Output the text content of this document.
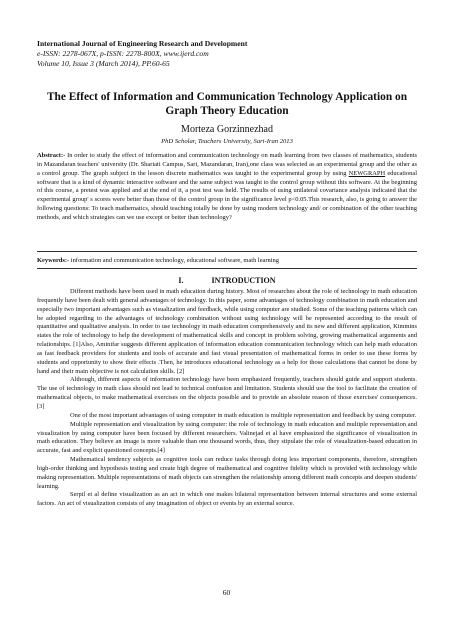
International Journal of Engineering Research and Development
e-ISSN: 2278-067X, p-ISSN: 2278-800X, www.ijerd.com
Volume 10, Issue 3 (March 2014), PP.60-65
The Effect of Information and Communication Technology Application on Graph Theory Education
Morteza Gorzinnezhad
PhD Scholar, Teachers University, Sari-Iran 2013
Abstract:- In order to study the effect of information and communication technology on math learning from two classes of mathematics, students in Mazandaran teachers' university (Dr. Shariati Campus, Sari, Mazandaran, Iran),one class was selected as an experimental group and the other as a control group. The graph subject in the lesson discrete mathematics was taught to the experimental group by using NEWGRAPH educational software that is a kind of dynamic interactive software and the same subject was taught to the control group without this software. At the beginning of this course, a pretest was applied and at the end of it, a post test was held. The results of using unilateral covariance analysis indicated that the experimental group' s scores were better than those of the control group in the significance level p<0.05.This research, also, is going to answer the following questions: To teach mathematics, should teaching totally be done by using modern technology and/ or combination of the other teaching methods, and which strategies can we use except or better than technology?
Keywords:- information and communication technology, educational software, math learning
I.	INTRODUCTION

Different methods have been used in math education during history. Most of researches about the role of technology in math education frequently have been dealt with general advantages of technology. In this paper, some advantages of technology combination in math education and especially two important advantages such as visualization and feedback, while using computer are studied. Some of the teaching patterns which can be adopted regarding to the advantages of technology combination without using technology will be represented according to the result of quantitative and qualitative analysis. In order to use technology in math education comprehensively and its new and different application, Kimmins states the role of technology to help the development of mathematical skills and concept in problem solving, growing mathematical arguments and relationships. [1]Also, Aminifar suggests different application of information education communication technology which can help math education as fast feedback providers for students and tools of accurate and fast visual presentation of mathematical forms in order to use these forms by students and opportunity to show their effects .Then, he introduces educational technology as a help for those calculations that cannot be done by hand and their main objective is not calculation skills. [2]

Although, different aspects of information technology have been emphasized frequently, teachers should guide and support students. The use of technology in math class should not lead to technical confusion and limitation. Students should use the tool to facilitate the creation of mathematical objects, to make mathematical exercises on the objects possible and to provide an absolute reason of those exercises' consequences.[3]

One of the most important advantages of using computer in math education is multiple representation and feedback by using computer.

Multiple representation and visualization by using computer: the role of technology in math education and multiple representation and visualization by using computer have been focused by different researchers. Valinejad et al have emphasized the significance of visualization in math education. They believe an image is more valuable than one thousand words, thus, they stipulate the role of visualization-based education in accurate, fast and explicit questioned concepts.[4]

Mathematical tendency subjects as cognitive tools can reduce tasks through doing less important components, therefore, strengthen high-order thinking and hypothesis testing and create high degree of mathematical and cognitive fidelity which is provided with technology while making representation. Multiple representations of math objects can strengthen the relationship among different math concepts and deepen students' learning.

Serpil et al define visualization as an act in which one makes bilateral representation between internal structures and some external factors. An act of visualization consists of any imagination of object or events by an external source.

60
